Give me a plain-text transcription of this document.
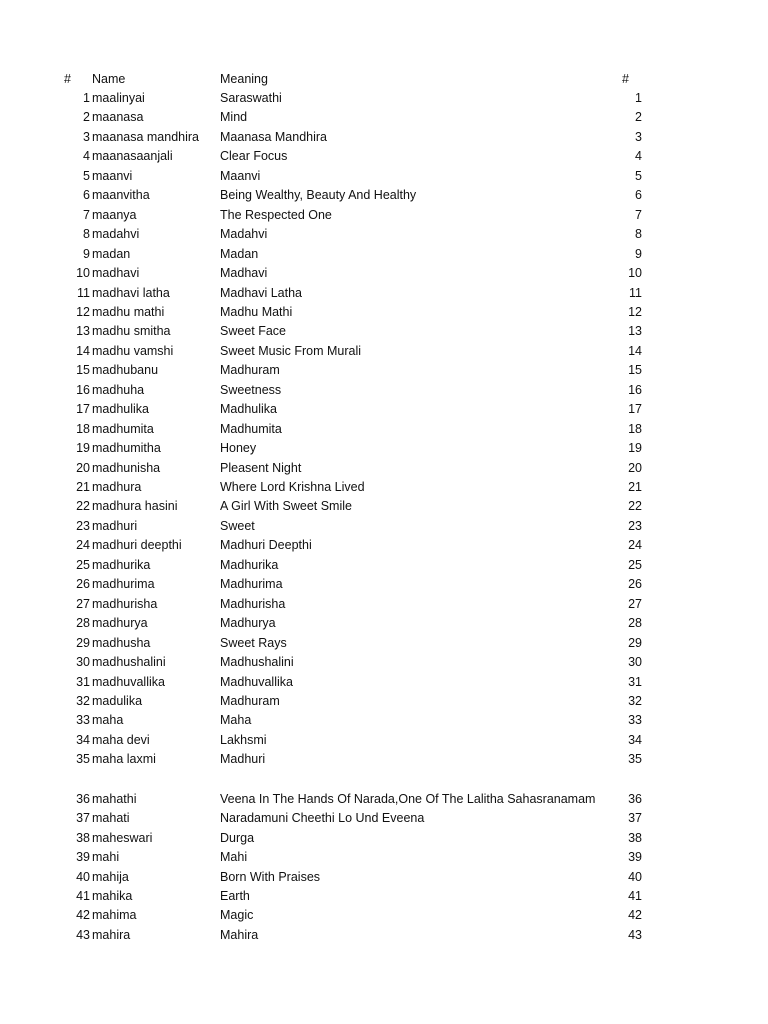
#	Name	Meaning	#
1 maalinyai	Saraswathi	1
2 maanasa	Mind	2
3 maanasa mandhira	Maanasa Mandhira	3
4 maanasaanjali	Clear Focus	4
5 maanvi	Maanvi	5
6 maanvitha	Being Wealthy, Beauty And Healthy	6
7 maanya	The Respected One	7
8 madahvi	Madahvi	8
9 madan	Madan	9
10 madhavi	Madhavi	10
11 madhavi latha	Madhavi Latha	11
12 madhu mathi	Madhu Mathi	12
13 madhu smitha	Sweet Face	13
14 madhu vamshi	Sweet Music From Murali	14
15 madhubanu	Madhuram	15
16 madhuha	Sweetness	16
17 madhulika	Madhulika	17
18 madhumita	Madhumita	18
19 madhumitha	Honey	19
20 madhunisha	Pleasent Night	20
21 madhura	Where Lord Krishna Lived	21
22 madhura hasini	A Girl With Sweet Smile	22
23 madhuri	Sweet	23
24 madhuri deepthi	Madhuri Deepthi	24
25 madhurika	Madhurika	25
26 madhurima	Madhurima	26
27 madhurisha	Madhurisha	27
28 madhurya	Madhurya	28
29 madhusha	Sweet Rays	29
30 madhushalini	Madhushalini	30
31 madhuvallika	Madhuvallika	31
32 madulika	Madhuram	32
33 maha	Maha	33
34 maha devi	Lakhsmi	34
35 maha laxmi	Madhuri	35
36 mahathi	Veena In The Hands Of Narada,One Of The Lalitha Sahasranamam	36
37 mahati	Naradamuni Cheethi Lo Und Eveena	37
38 maheswari	Durga	38
39 mahi	Mahi	39
40 mahija	Born With Praises	40
41 mahika	Earth	41
42 mahima	Magic	42
43 mahira	Mahira	43
